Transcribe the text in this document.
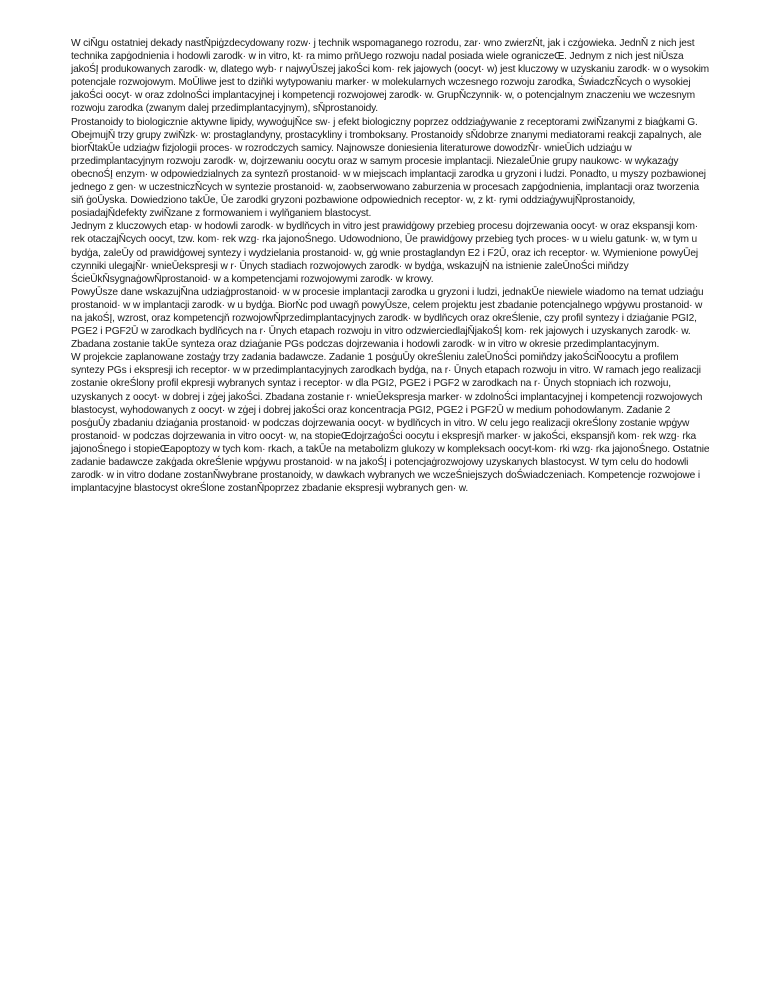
W ciŇgu ostatniej dekady nastŇpiġzdecydowany rozw· j technik wspomaganego rozrodu, zar· wno zwierzŃt, jak i czġowieka. JednŇ z nich jest technika zapġodnienia i hodowli zarodk· w in vitro, kt· ra mimo prňUego rozwoju nadal posiada wiele ograniczeŒ. Jednym z nich jest niŪsza jakoŚĮ produkowanych zarodk· w, dlatego wyb· r najwyŪszej jakoŚci kom· rek jajowych (oocyt· w) jest kluczowy w uzyskaniu zarodk· w o wysokim potencjale rozwojowym. MoŪliwe jest to dziňki wytypowaniu marker· w molekularnych wczesnego rozwoju zarodka, ŚwiadczŇcych o wysokiej jakoŚci oocyt· w oraz zdolnoŚci implantacyjnej i kompetencji rozwojowej zarodk· w. GrupŇczynnik· w, o potencjalnym znaczeniu we wczesnym rozwoju zarodka (zwanym dalej przedimplantacyjnym), sŇprostanoidy.

Prostanoidy to biologicznie aktywne lipidy, wywoġujŇce sw· j efekt biologiczny poprzez oddziaġywanie z receptorami zwiŇzanymi z biaġkami G. ObejmujŇ trzy grupy zwiŇzk· w: prostaglandyny, prostacykliny i tromboksany. Prostanoidy sŇdobrze znanymi mediatorami reakcji zapalnych, ale biorŇtakŪe udziaġw fizjologii proces· w rozrodczych samicy. Najnowsze doniesienia literaturowe dowodzŇr· wnieŪich udziaġu w przedimplantacyjnym rozwoju zarodk· w, dojrzewaniu oocytu oraz w samym procesie implantacji. NiezaleŪnie grupy naukowc· w wykazaġy obecnoŚĮ enzym· w odpowiedzialnych za syntezň prostanoid· w w miejscach implantacji zarodka u gryzoni i ludzi. Ponadto, u myszy pozbawionej jednego z gen· w uczestniczŇcych w syntezie prostanoid· w, zaobserwowano zaburzenia w procesach zapġodnienia, implantacji oraz tworzenia siň ġoŪyska. Dowiedziono takŪe, Ūe zarodki gryzoni pozbawione odpowiednich receptor· w, z kt· rymi oddziaġywujŇprostanoidy, posiadajŇdefekty zwiŇzane z formowaniem i wylňganiem blastocyst.

Jednym z kluczowych etap· w hodowli zarodk· w bydlňcych in vitro jest prawidġowy przebieg procesu dojrzewania oocyt· w oraz ekspansji kom· rek otaczajŇcych oocyt, tzw. kom· rek wzg· rka jajonoŚnego. Udowodniono, Ūe prawidġowy przebieg tych proces· w u wielu gatunk· w, w tym u bydġa, zaleŪy od prawidġowej syntezy i wydzielania prostanoid· w, gġ wnie prostaglandyn E2 i F2Ū, oraz ich receptor· w. Wymienione powyŪej czynniki ulegajŇr· wnieŪekspresji w r· Ūnych stadiach rozwojowych zarodk· w bydġa, wskazujŃ na istnienie zaleŪnoŚci miňdzy ŚcieŪkŇsygnaġowŇprostanoid· w a kompetencjami rozwojowymi zarodk· w krowy.

PowyŪsze dane wskazujŇna udziaġprostanoid· w w procesie implantacji zarodka u gryzoni i ludzi, jednakŪe niewiele wiadomo na temat udziaġu prostanoid· w w implantacji zarodk· w u bydġa. BiorŃc pod uwagň powyŪsze, celem projektu jest zbadanie potencjalnego wpġywu prostanoid· w na jakoŚĮ, wzrost, oraz kompetencjň rozwojowŇprzedimplantacyjnych zarodk· w bydlňcych oraz okreŚlenie, czy profil syntezy i dziaġanie PGI2, PGE2 i PGF2Ū w zarodkach bydlňcych na r· Ūnych etapach rozwoju in vitro odzwierciedlajŇjakoŚĮ kom· rek jajowych i uzyskanych zarodk· w. Zbadana zostanie takŪe synteza oraz dziaġanie PGs podczas dojrzewania i hodowli zarodk· w in vitro w okresie przedimplantacyjnym.

W projekcie zaplanowane zostaġy trzy zadania badawcze. Zadanie 1 posġuŪy okreŚleniu zaleŪnoŚci pomiňdzy jakoŚciŇoocytu a profilem syntezy PGs i ekspresji ich receptor· w w przedimplantacyjnych zarodkach bydġa, na r· Ūnych etapach rozwoju in vitro. W ramach jego realizacji zostanie okreŚlony profil ekpresji wybranych syntaz i receptor· w dla PGI2, PGE2 i PGF2 w zarodkach na r· Ūnych stopniach ich rozwoju, uzyskanych z oocyt· w dobrej i zġej jakoŚci. Zbadana zostanie r· wnieŪekspresja marker· w zdolnoŚci implantacyjnej i kompetencji rozwojowych blastocyst, wyhodowanych z oocyt· w zġej i dobrej jakoŚci oraz koncentracja PGI2, PGE2 i PGF2Ū w medium pohodowlanym. Zadanie 2 posġuŪy zbadaniu dziaġania prostanoid· w podczas dojrzewania oocyt· w bydlňcych in vitro. W celu jego realizacji okreŚlony zostanie wpġyw prostanoid· w podczas dojrzewania in vitro oocyt· w, na stopieŒdojrzaġoŚci oocytu i ekspresjň marker· w jakoŚci, ekspansjň kom· rek wzg· rka jajonoŚnego i stopieŒapoptozy w tych kom· rkach, a takŪe na metabolizm glukozy w kompleksach oocyt-kom· rki wzg· rka jajonoŚnego. Ostatnie zadanie badawcze zakġada okreŚlenie wpġywu prostanoid· w na jakoŚĮ i potencjaġrozwojowy uzyskanych blastocyst. W tym celu do hodowli zarodk· w in vitro dodane zostanŇwybrane prostanoidy, w dawkach wybranych we wczeŚniejszych doŚwiadczeniach. Kompetencje rozwojowe i implantacyjne blastocyst okreŚlone zostanŇpoprzez zbadanie ekspresji wybranych gen· w.
